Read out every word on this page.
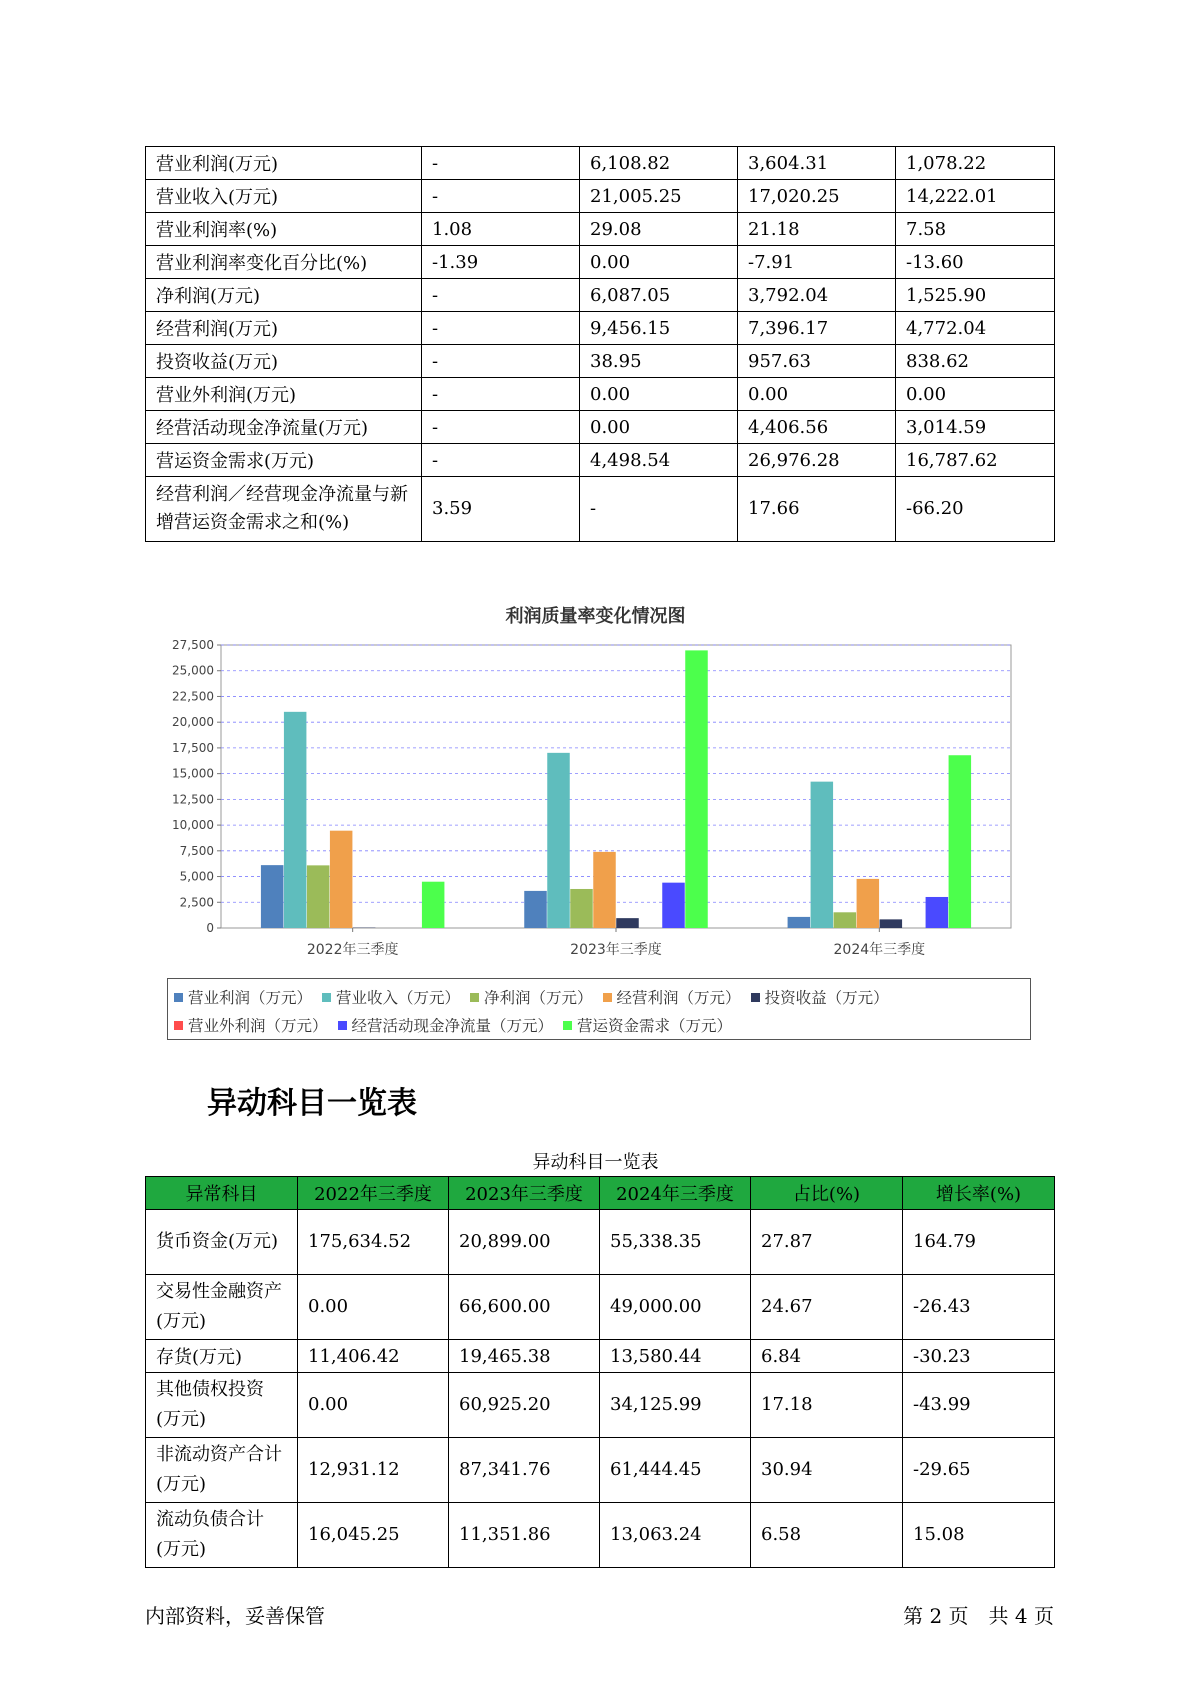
营业利润(万元)	-	6,108.82	3,604.31	1,078.22
营业收入(万元)	-	21,005.25	17,020.25	14,222.01
营业利润率(%)	1.08	29.08	21.18	7.58
营业利润率变化百分比(%)	-1.39	0.00	-7.91	-13.60
净利润(万元)	-	6,087.05	3,792.04	1,525.90
经营利润(万元)	-	9,456.15	7,396.17	4,772.04
投资收益(万元)	-	38.95	957.63	838.62
营业外利润(万元)	-	0.00	0.00	0.00
经营活动现金净流量(万元)	-	0.00	4,406.56	3,014.59
营运资金需求(万元)	-	4,498.54	26,976.28	16,787.62
经营利润／经营现金净流量与新增营运资金需求之和(%)	3.59	-	17.66	-66.20
利润质量率变化情况图
0
2,500
5,000
7,500
10,000
12,500
15,000
17,500
20,000
22,500
25,000
27,500
2022年三季度	2023年三季度	2024年三季度
营业利润（万元） 营业收入（万元） 净利润（万元） 经营利润（万元） 投资收益（万元）营业外利润（万元） 经营活动现金净流量（万元） 营运资金需求（万元）
异动科目一览表
异动科目一览表
异常科目	2022年三季度	2023年三季度	2024年三季度	占比(%)	增长率(%)
货币资金(万元)	175,634.52	20,899.00	55,338.35	27.87	164.79
交易性金融资产(万元)	0.00	66,600.00	49,000.00	24.67	-26.43
存货(万元)	11,406.42	19,465.38	13,580.44	6.84	-30.23
其他债权投资(万元)	0.00	60,925.20	34,125.99	17.18	-43.99
非流动资产合计(万元)	12,931.12	87,341.76	61,444.45	30.94	-29.65
流动负债合计(万元)	16,045.25	11,351.86	13,063.24	6.58	15.08
内部资料，妥善保管	第 2 页　共 4 页
